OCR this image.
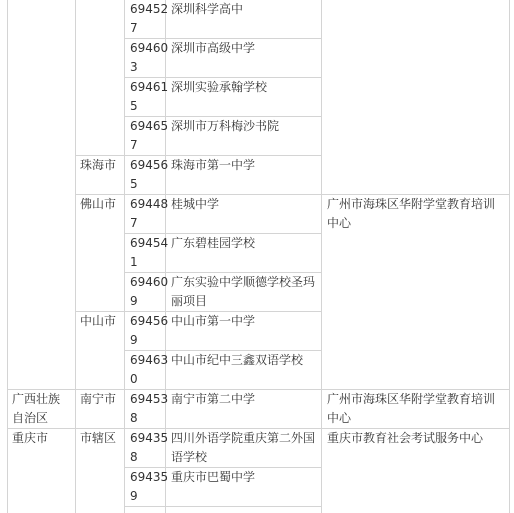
广西壮族自治区
重庆市
珠海市
佛山市
中山市
南宁市
市辖区
694527
694603
694615
694657
694565
694487
694541
694609
694569
694630
694538
694358
694359
深圳科学高中
深圳市高级中学
深圳实验承翰学校
深圳市万科梅沙书院
珠海市第一中学
桂城中学
广东碧桂园学校
广东实验中学顺德学校圣玛丽项目
中山市第一中学
中山市纪中三鑫双语学校
南宁市第二中学
四川外语学院重庆第二外国语学校
重庆市巴蜀中学
广州市海珠区华附学堂教育培训中心
广州市海珠区华附学堂教育培训中心
重庆市教育社会考试服务中心
